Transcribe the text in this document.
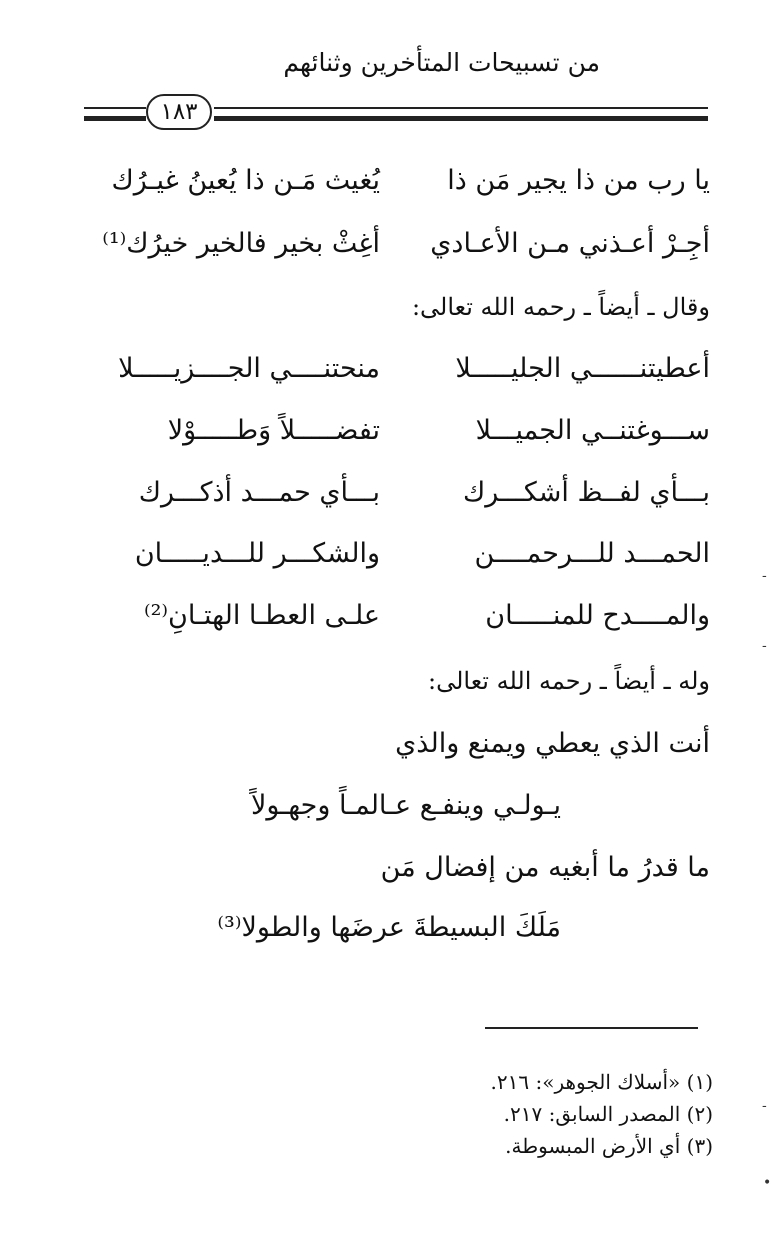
من تسبيحات المتأخرين وثنائهم
١٨٣
يا رب من ذا يجير مَن ذا
يُغيث مَـن ذا يُعينُ غيـرُك
أجِـرْ أعـذني مـن الأعـادي
أغِثْ بخير فالخير خيرُك⁽¹⁾
وقال ـ أيضاً ـ رحمه الله تعالى:
أعطيتنــــــي الجليـــــلا
منحتنــــي الجــــزيـــــلا
ســـوغتنــي الجميـــلا
تفضـــــلاً وَطـــــوْلا
بـــأي لفــظ أشكـــرك
بـــأي حمـــد أذكـــرك
الحمـــد للـــرحمــــن
والشكـــر للـــديـــــان
والمــــدح للمنـــــان
علـى العطـا الهتـانِ⁽²⁾
وله ـ أيضاً ـ رحمه الله تعالى:
أنت الذي يعطي ويمنع والذي
يـولـي وينفـع عـالمـاً وجهـولاً
ما قدرُ ما أبغيه من إفضال مَن
مَلَكَ البسيطةَ عرضَها والطولا⁽³⁾
(١) «أسلاك الجوهر»: ٢١٦.
(٢) المصدر السابق: ٢١٧.
(٣) أي الأرض المبسوطة.
-
-
-
•
